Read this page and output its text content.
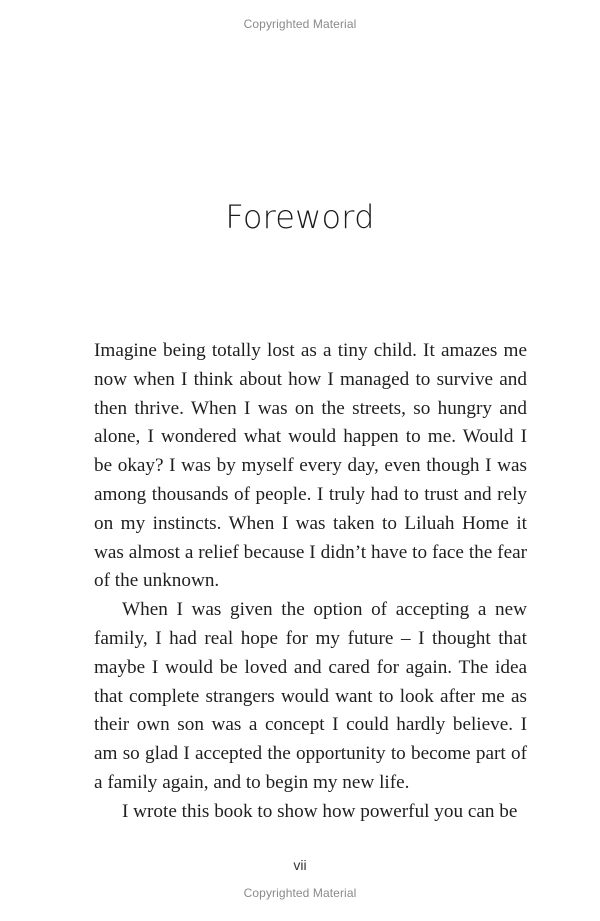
Copyrighted Material
Foreword

Imagine being totally lost as a tiny child. It amazes me now when I think about how I managed to survive and then thrive. When I was on the streets, so hungry and alone, I wondered what would happen to me. Would I be okay? I was by myself every day, even though I was among thousands of people. I truly had to trust and rely on my instincts. When I was taken to Liluah Home it was almost a relief because I didn’t have to face the fear of the unknown.

When I was given the option of accepting a new family, I had real hope for my future – I thought that maybe I would be loved and cared for again. The idea that complete strangers would want to look after me as their own son was a concept I could hardly believe. I am so glad I accepted the opportunity to become part of a family again, and to begin my new life.

I wrote this book to show how powerful you can be

vii
Copyrighted Material
